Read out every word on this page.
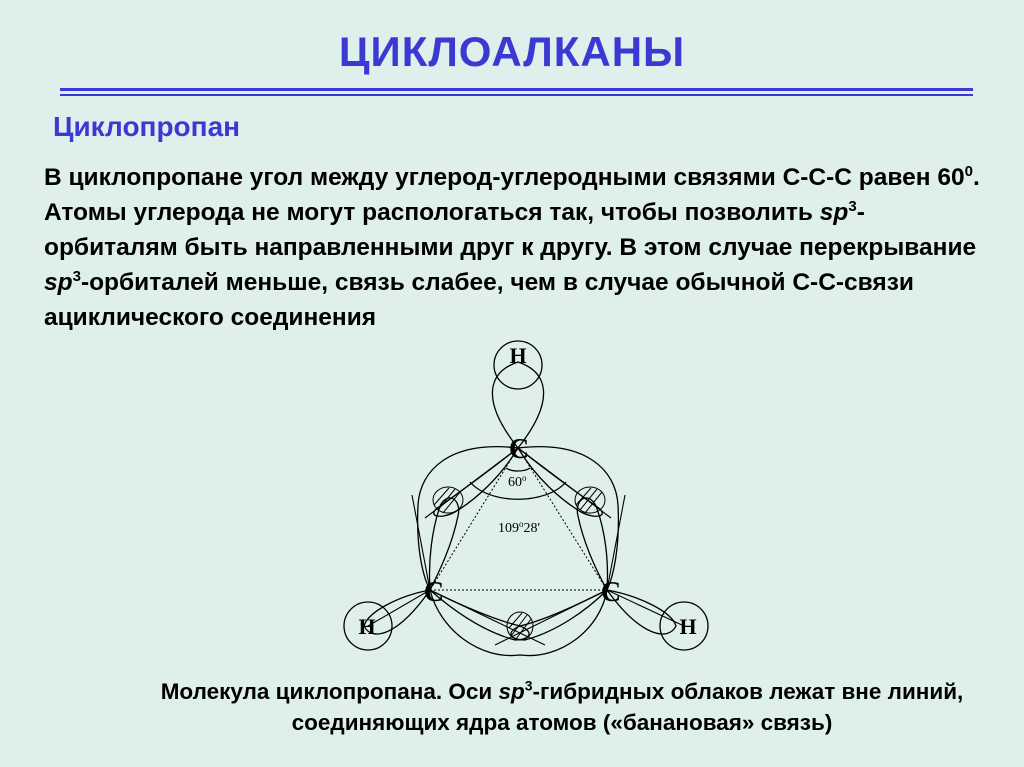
ЦИКЛОАЛКАНЫ
Циклопропан
В циклопропане угол между углерод-углеродными связями С-С-С равен $60^0$. Атомы углерода не могут распологаться так, чтобы позволить $sp^3$-орбиталям быть направленными друг к другу. В этом случае перекрывание $sp^3$-орбиталей меньше, связь слабее, чем в случае обычной С-С-связи ациклического соединения
H
H	H
C
C	C
60$^o$
109$^o$28'
Молекула циклопропана. Оси $sp^3$-гибридных облаков лежат вне линий, соединяющих ядра атомов («банановая» связь)
